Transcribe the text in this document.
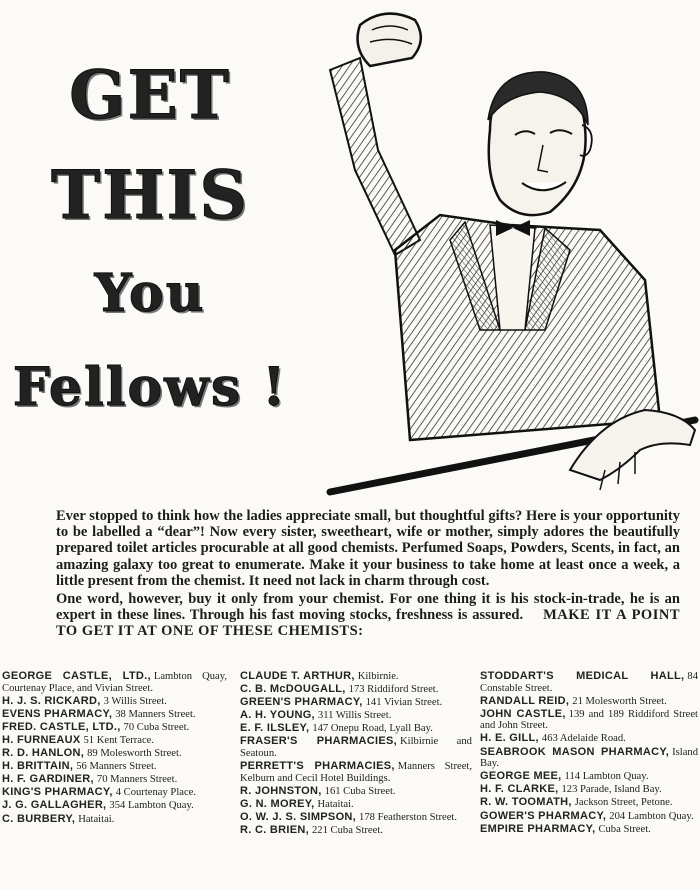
GET
THIS
You
Fellows !

Ever stopped to think how the ladies appreciate small, but thoughtful gifts? Here is your opportunity to be labelled a “dear”! Now every sister, sweetheart, wife or mother, simply adores the beautifully prepared toilet articles procurable at all good chemists. Perfumed Soaps, Powders, Scents, in fact, an amazing galaxy too great to enumerate. Make it your business to take home at least once a week, a little present from the chemist. It need not lack in charm through cost.

One word, however, buy it only from your chemist. For one thing it is his stock-in-trade, he is an expert in these lines. Through his fast moving stocks, freshness is assured. MAKE IT A POINT TO GET IT AT ONE OF THESE CHEMISTS:

GEORGE CASTLE, LTD., Lambton Quay, Courtenay Place, and Vivian Street.
H. J. S. RICKARD, 3 Willis Street.
EVENS PHARMACY, 38 Manners Street.
FRED. CASTLE, LTD., 70 Cuba Street.
H. FURNEAUX 51 Kent Terrace.
R. D. HANLON, 89 Molesworth Street.
H. BRITTAIN, 56 Manners Street.
H. F. GARDINER, 70 Manners Street.
KING'S PHARMACY, 4 Courtenay Place.
J. G. GALLAGHER, 354 Lambton Quay.
C. BURBERY, Hataitai.
CLAUDE T. ARTHUR, Kilbirnie.
C. B. McDOUGALL, 173 Riddiford Street.
GREEN'S PHARMACY, 141 Vivian Street.
A. H. YOUNG, 311 Willis Street.
E. F. ILSLEY, 147 Onepu Road, Lyall Bay.
FRASER'S PHARMACIES, Kilbirnie and Seatoun.
PERRETT'S PHARMACIES, Manners Street, Kelburn and Cecil Hotel Buildings.
R. JOHNSTON, 161 Cuba Street.
G. N. MOREY, Hataitai.
O. W. J. S. SIMPSON, 178 Featherston Street.
R. C. BRIEN, 221 Cuba Street.
STODDART'S MEDICAL HALL, 84 Constable Street.
RANDALL REID, 21 Molesworth Street.
JOHN CASTLE, 139 and 189 Riddiford Street and John Street.
H. E. GILL, 463 Adelaide Road.
SEABROOK MASON PHARMACY, Island Bay.
GEORGE MEE, 114 Lambton Quay.
H. F. CLARKE, 123 Parade, Island Bay.
R. W. TOOMATH, Jackson Street, Petone.
GOWER'S PHARMACY, 204 Lambton Quay.
EMPIRE PHARMACY, Cuba Street.
